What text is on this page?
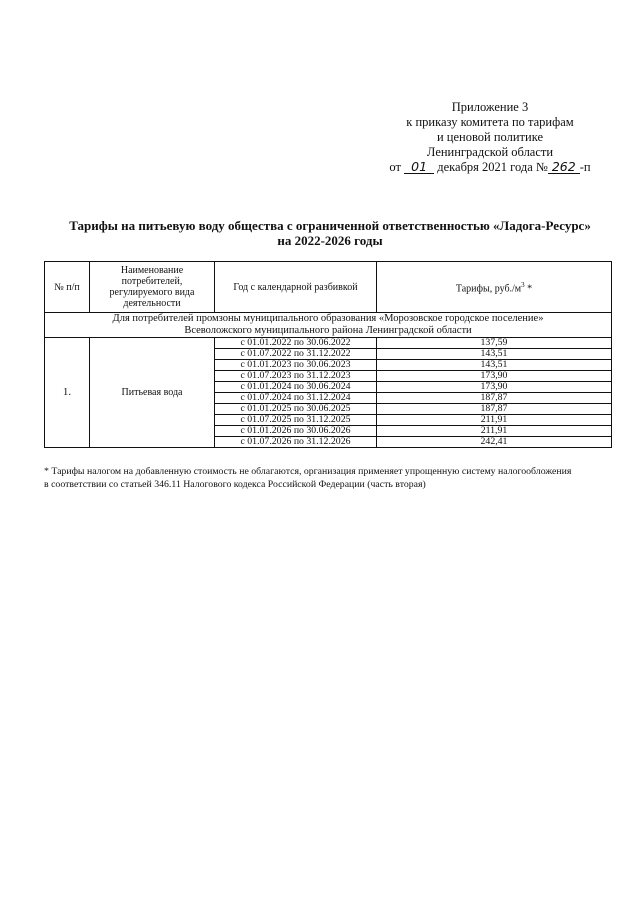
Приложение 3
к приказу комитета по тарифам
и ценовой политике
Ленинградской области
от 01 декабря 2021 года № 262 -п
Тарифы на питьевую воду общества с ограниченной ответственностью «Ладога-Ресурс»
на 2022-2026 годы
№ п/п	Наименование потребителей, регулируемого вида деятельности	Год с календарной разбивкой	Тарифы, $руб./м^3$ *

Для потребителей промзоны муниципального образования «Морозовское городское поселение»
Всеволожского муниципального района Ленинградской области			

1.	Питьевая вода	с 01.01.2022 по 30.06.2022	137,59
		с 01.07.2022 по 31.12.2022	143,51
		с 01.01.2023 по 30.06.2023	143,51
		с 01.07.2023 по 31.12.2023	173,90
		с 01.01.2024 по 30.06.2024	173,90
		с 01.07.2024 по 31.12.2024	187,87
		с 01.01.2025 по 30.06.2025	187,87
		с 01.07.2025 по 31.12.2025	211,91
		с 01.01.2026 по 30.06.2026	211,91
		с 01.07.2026 по 31.12.2026	242,41
* Тарифы налогом на добавленную стоимость не облагаются, организация применяет упрощенную систему налогообложения
в соответствии со статьей 346.11 Налогового кодекса Российской Федерации (часть вторая)
